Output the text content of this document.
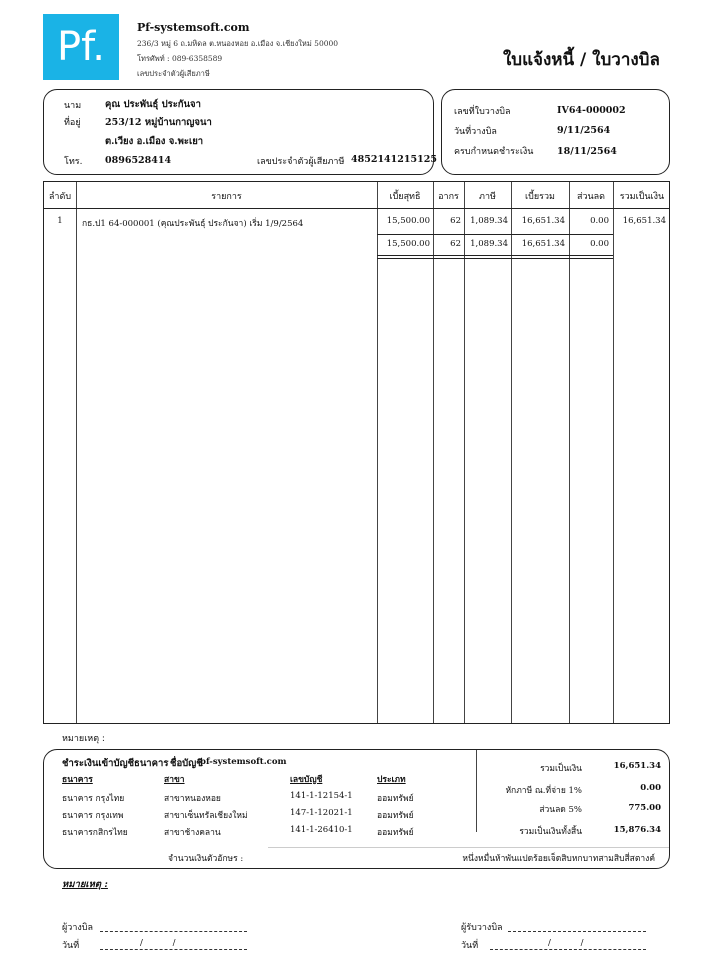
Pf.	Pf-systemsoft.com
236/3 หมู่ 6 ถ.มหิดล ต.หนองหอย อ.เมือง จ.เชียงใหม่ 50000
โทรศัพท์ : 089-6358589
เลขประจำตัวผู้เสียภาษี
ใบแจ้งหนี้ / ใบวางบิล
นาม	คุณ ประพันธ์ุ ประกันจา
ที่อยู่	253/12 หมู่บ้านกาญจนา
ต.เวียง อ.เมือง จ.พะเยา
โทร. 0896528414	เลขประจำตัวผู้เสียภาษี 4852141215125
เลขที่ใบวางบิล	IV64-000002
วันที่วางบิล	9/11/2564
ครบกำหนดชำระเงิน 18/11/2564
ลำดับ	รายการ	เบี้ยสุทธิ	อากร	ภาษี	เบี้ยรวม	ส่วนลด	รวมเป็นเงิน
1	กธ.ป1 64-000001 (คุณประพันธ์ุ ประกันจา) เริ่ม 1/9/2564	15,500.00	62	1,089.34	16,651.34	0.00	16,651.34
15,500.00	62	1,089.34	16,651.34	0.00
หมายเหตุ :
ชำระเงินเข้าบัญชีธนาคาร ชื่อบัญชี
pf-systemsoft.com
ธนาคาร	สาขา	เลขบัญชี	ประเภท
ธนาคาร กรุงไทย	สาขาหนองหอย	141-1-12154-1	ออมทรัพย์
ธนาคาร กรุงเทพ	สาขาเซ็นทรัลเชียงใหม่	147-1-12021-1	ออมทรัพย์
ธนาคารกสิกรไทย	สาขาช้างคลาน	141-1-26410-1	ออมทรัพย์
จำนวนเงินตัวอักษร :	หนึ่งหมื่นห้าพันแปดร้อยเจ็ดสิบหกบาทสามสิบสี่สตางค์
รวมเป็นเงิน	16,651.34
หักภาษี ณ.ที่จ่าย 1%	0.00
ส่วนลด 5%	775.00
รวมเป็นเงินทั้งสิ้น	15,876.34
หมายเหตุ :
ผู้วางบิล
วันที่	/           /
ผู้รับวางบิล
วันที่	/           /
